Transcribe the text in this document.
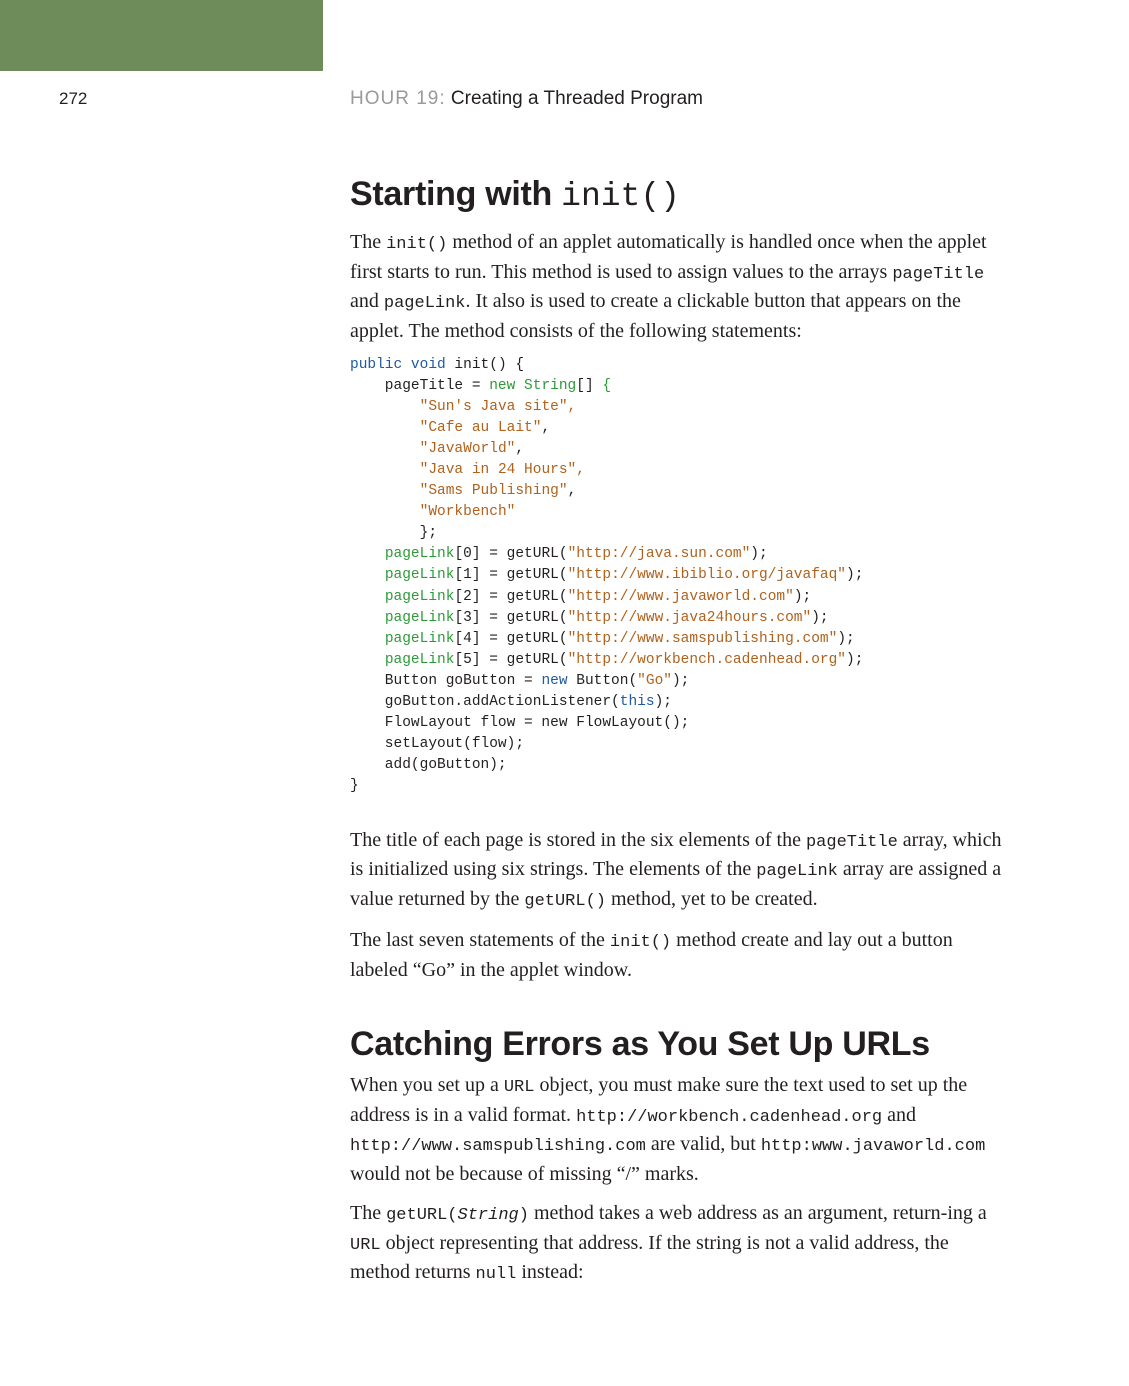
272	HOUR 19: Creating a Threaded Program
Starting with init()

The init() method of an applet automatically is handled once when the applet first starts to run. This method is used to assign values to the arrays pageTitle and pageLink. It also is used to create a clickable button that appears on the applet. The method consists of the following statements:

public void init() {
pageTitle = new String[] {
"Sun's Java site",
"Cafe au Lait",
"JavaWorld",
"Java in 24 Hours",
"Sams Publishing",
"Workbench"
};
pageLink[0] = getURL("http://java.sun.com");
pageLink[1] = getURL("http://www.ibiblio.org/javafaq");
pageLink[2] = getURL("http://www.javaworld.com");
pageLink[3] = getURL("http://www.java24hours.com");
pageLink[4] = getURL("http://www.samspublishing.com");
pageLink[5] = getURL("http://workbench.cadenhead.org");
Button goButton = new Button("Go");
goButton.addActionListener(this);
FlowLayout flow = new FlowLayout();
setLayout(flow);
add(goButton);
}

The title of each page is stored in the six elements of the pageTitle array, which is initialized using six strings. The elements of the pageLink array are assigned a value returned by the getURL() method, yet to be created.

The last seven statements of the init() method create and lay out a button labeled “Go” in the applet window.

Catching Errors as You Set Up URLs

When you set up a URL object, you must make sure the text used to set up the address is in a valid format. http://workbench.cadenhead.org and http://www.samspublishing.com are valid, but http:www.javaworld.com would not be because of missing “/” marks.

The getURL(String) method takes a web address as an argument, return-ing a URL object representing that address. If the string is not a valid address, the method returns null instead:
